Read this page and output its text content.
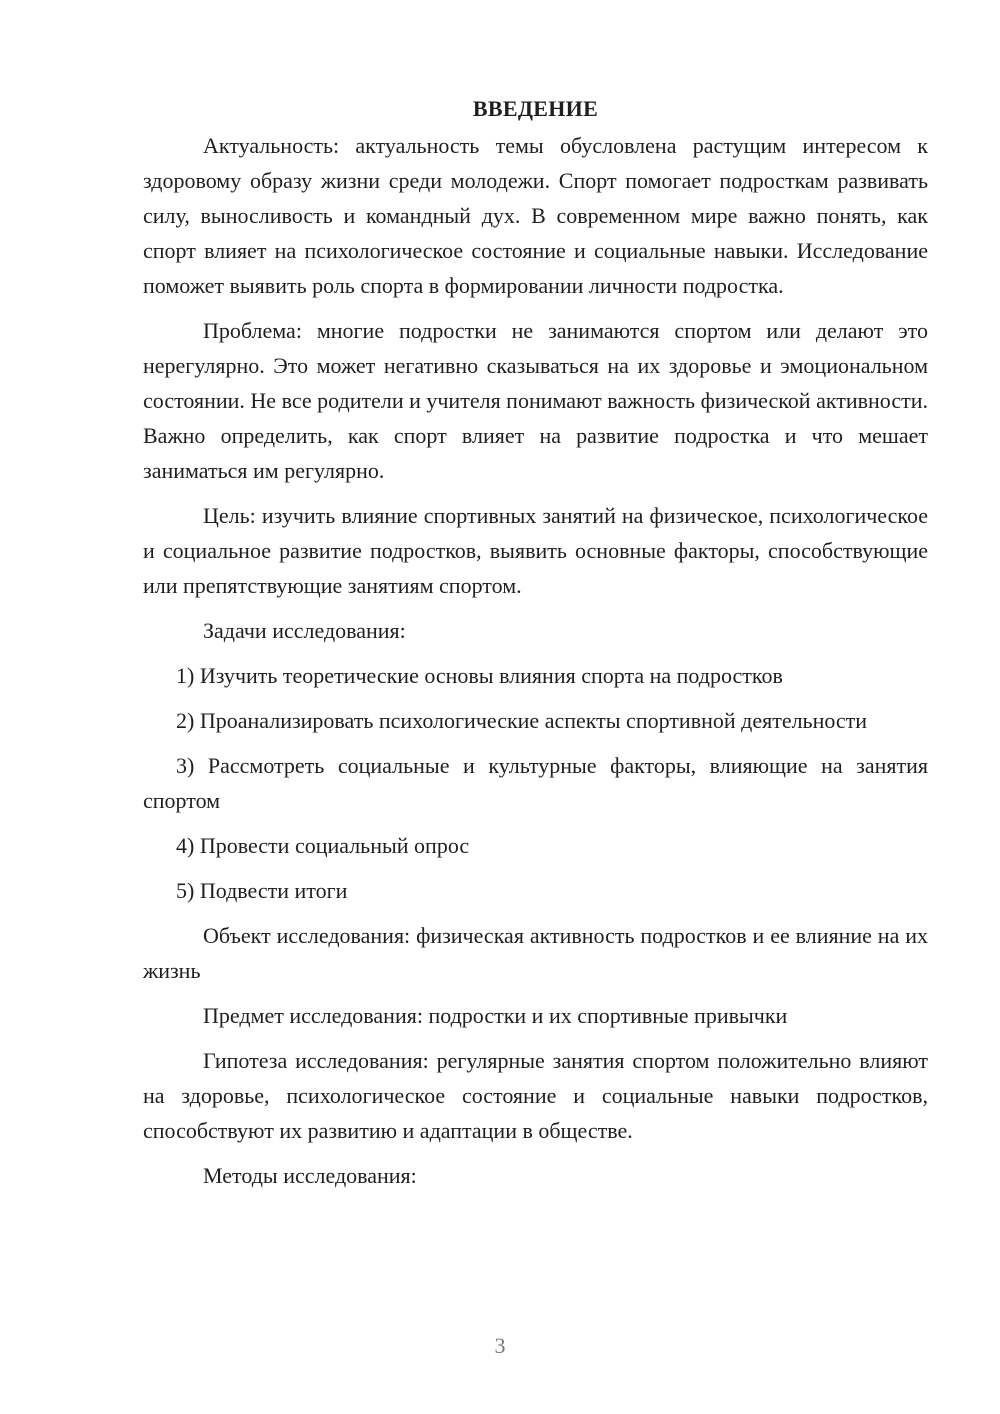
ВВЕДЕНИЕ

Актуальность: актуальность темы обусловлена растущим интересом к здоровому образу жизни среди молодежи. Спорт помогает подросткам развивать силу, выносливость и командный дух. В современном мире важно понять, как спорт влияет на психологическое состояние и социальные навыки. Исследование поможет выявить роль спорта в формировании личности подростка.

Проблема: многие подростки не занимаются спортом или делают это нерегулярно. Это может негативно сказываться на их здоровье и эмоциональном состоянии. Не все родители и учителя понимают важность физической активности. Важно определить, как спорт влияет на развитие подростка и что мешает заниматься им регулярно.

Цель: изучить влияние спортивных занятий на физическое, психологическое и социальное развитие подростков, выявить основные факторы, способствующие или препятствующие занятиям спортом.

Задачи исследования:

1) Изучить теоретические основы влияния спорта на подростков

2) Проанализировать психологические аспекты спортивной деятельности

3) Рассмотреть социальные и культурные факторы, влияющие на занятия спортом

4) Провести социальный опрос

5) Подвести итоги

Объект исследования: физическая активность подростков и ее влияние на их жизнь

Предмет исследования: подростки и их спортивные привычки

Гипотеза исследования: регулярные занятия спортом положительно влияют на здоровье, психологическое состояние и социальные навыки подростков, способствуют их развитию и адаптации в обществе.

Методы исследования:

3
